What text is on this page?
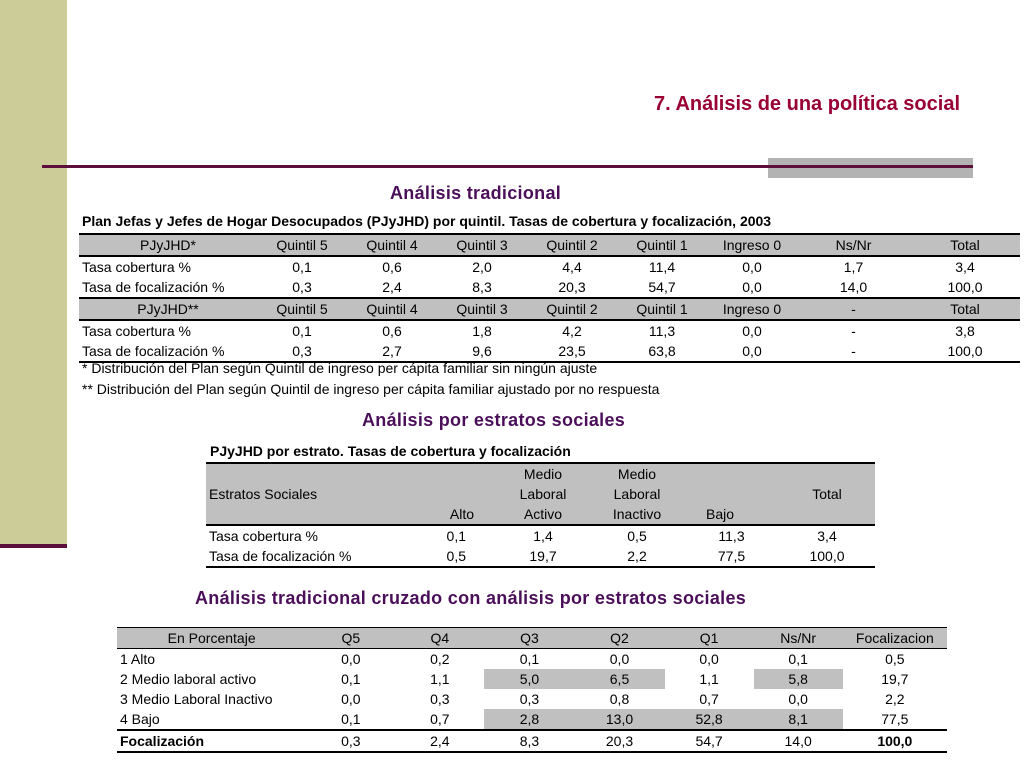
7. Análisis de una política social
Análisis tradicional
Plan Jefas y Jefes de Hogar Desocupados (PJyJHD) por quintil. Tasas de cobertura y focalización, 2003
PJyJHD*	Quintil 5	Quintil 4	Quintil 3	Quintil 2	Quintil 1	Ingreso 0	Ns/Nr	Total
Tasa cobertura %	0,1	0,6	2,0	4,4	11,4	0,0	1,7	3,4
Tasa de focalización %	0,3	2,4	8,3	20,3	54,7	0,0	14,0	100,0
PJyJHD**	Quintil 5	Quintil 4	Quintil 3	Quintil 2	Quintil 1	Ingreso 0	-	Total
Tasa cobertura %	0,1	0,6	1,8	4,2	11,3	0,0	-	3,8
Tasa de focalización %	0,3	2,7	9,6	23,5	63,8	0,0	-	100,0
* Distribución del Plan según Quintil de ingreso per cápita familiar sin ningún ajuste
** Distribución del Plan según Quintil de ingreso per cápita familiar ajustado por no respuesta
Análisis por estratos sociales
PJyJHD por estrato. Tasas de cobertura y focalización
Estratos Sociales		Medio	Medio		Total
		Laboral	Laboral		
	Alto	Activo	Inactivo	Bajo	
Tasa cobertura %	0,1	1,4	0,5	11,3	3,4
Tasa de focalización %	0,5	19,7	2,2	77,5	100,0
Análisis tradicional cruzado con análisis por estratos sociales
En Porcentaje	Q5	Q4	Q3	Q2	Q1	Ns/Nr	Focalizacion
1 Alto	0,0	0,2	0,1	0,0	0,0	0,1	0,5
2 Medio laboral activo	0,1	1,1	5,0	6,5	1,1	5,8	19,7
3 Medio Laboral Inactivo	0,0	0,3	0,3	0,8	0,7	0,0	2,2
4 Bajo	0,1	0,7	2,8	13,0	52,8	8,1	77,5
Focalización	0,3	2,4	8,3	20,3	54,7	14,0	100,0
